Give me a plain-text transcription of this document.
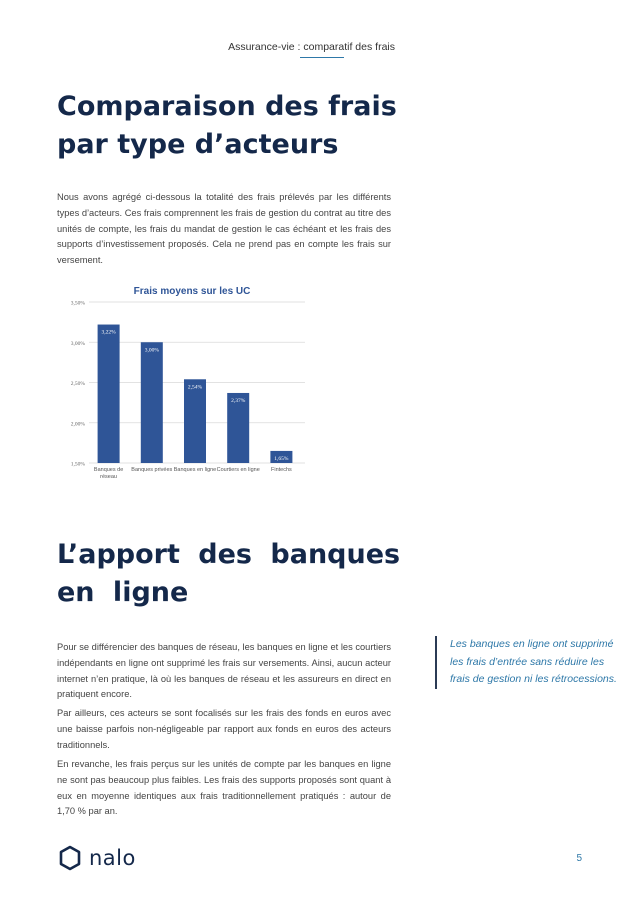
Assurance-vie : comparatif des frais
Comparaison des frais par type d’acteurs

Nous avons agrégé ci-dessous la totalité des frais prélevés par les différents types d’acteurs. Ces frais comprennent les frais de gestion du contrat au titre des unités de compte, les frais du mandat de gestion le cas échéant et les frais des supports d’investissement proposés. Cela ne prend pas en compte les frais sur versement.

Frais moyens sur les UC
3,50%
3,00%
2,50%
2,00%
1,50%
3,22%
Banques de
réseau
3,00%
Banques privées
2,54%
Banques en ligne
2,37%
Courtiers en ligne
1,65%
Fintechs
L’apport des banques en ligne

Pour se différencier des banques de réseau, les banques en ligne et les courtiers indépendants en ligne ont supprimé les frais sur versements. Ainsi, aucun acteur internet n’en pratique, là où les banques de réseau et les assureurs en direct en pratiquent encore.

Par ailleurs, ces acteurs se sont focalisés sur les frais des fonds en euros avec une baisse parfois non-négligeable par rapport aux fonds en euros des acteurs traditionnels.

En revanche, les frais perçus sur les unités de compte par les banques en ligne ne sont pas beaucoup plus faibles. Les frais des supports proposés sont quant à eux en moyenne identiques aux frais traditionnellement pratiqués : autour de 1,70 % par an.

Les banques en ligne ont supprimé les frais d’entrée sans réduire les frais de gestion ni les rétrocessions.
nalo	5
